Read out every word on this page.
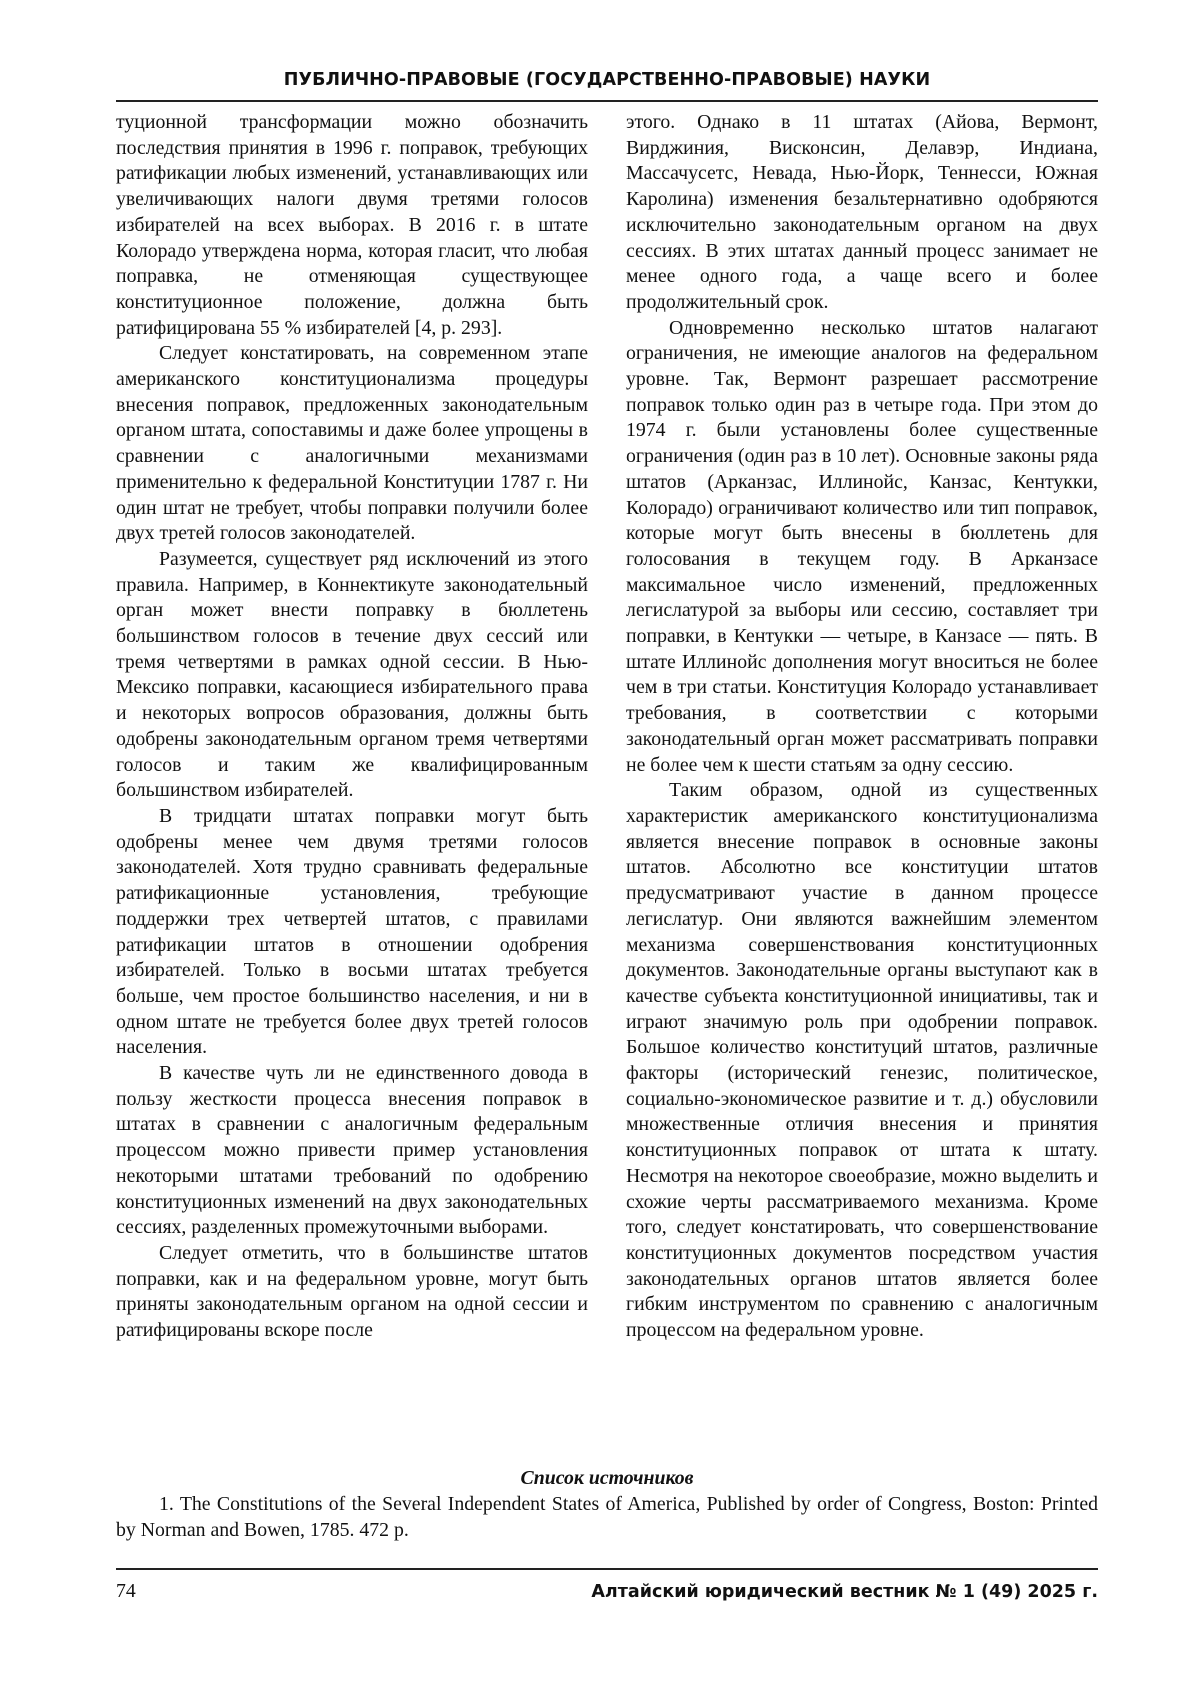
ПУБЛИЧНО-ПРАВОВЫЕ (ГОСУДАРСТВЕННО-ПРАВОВЫЕ) НАУКИ

туционной трансформации можно обозначить последствия принятия в 1996 г. поправок, требующих ратификации любых изменений, устанавливающих или увеличивающих налоги двумя третями голосов избирателей на всех выборах. В 2016 г. в штате Колорадо утверждена норма, которая гласит, что любая поправка, не отменяющая существующее конституционное положение, должна быть ратифицирована 55 % избирателей [4, p. 293].

Следует констатировать, на современном этапе американского конституционализма процедуры внесения поправок, предложенных законодательным органом штата, сопоставимы и даже более упрощены в сравнении с аналогичными механизмами применительно к федеральной Конституции 1787 г. Ни один штат не требует, чтобы поправки получили более двух третей голосов законодателей.

Разумеется, существует ряд исключений из этого правила. Например, в Коннектикуте законодательный орган может внести поправку в бюллетень большинством голосов в течение двух сессий или тремя четвертями в рамках одной сессии. В Нью-Мексико поправки, касающиеся избирательного права и некоторых вопросов образования, должны быть одобрены законодательным органом тремя четвертями голосов и таким же квалифицированным большинством избирателей.

В тридцати штатах поправки могут быть одобрены менее чем двумя третями голосов законодателей. Хотя трудно сравнивать федеральные ратификационные установления, требующие поддержки трех четвертей штатов, с правилами ратификации штатов в отношении одобрения избирателей. Только в восьми штатах требуется больше, чем простое большинство населения, и ни в одном штате не требуется более двух третей голосов населения.

В качестве чуть ли не единственного довода в пользу жесткости процесса внесения поправок в штатах в сравнении с аналогичным федеральным процессом можно привести пример установления некоторыми штатами требований по одобрению конституционных изменений на двух законодательных сессиях, разделенных промежуточными выборами.

Следует отметить, что в большинстве штатов поправки, как и на федеральном уровне, могут быть приняты законодательным органом на одной сессии и ратифицированы вскоре после

этого. Однако в 11 штатах (Айова, Вермонт, Вирджиния, Висконсин, Делавэр, Индиана, Массачусетс, Невада, Нью-Йорк, Теннесси, Южная Каролина) изменения безальтернативно одобряются исключительно законодательным органом на двух сессиях. В этих штатах данный процесс занимает не менее одного года, а чаще всего и более продолжительный срок.

Одновременно несколько штатов налагают ограничения, не имеющие аналогов на федеральном уровне. Так, Вермонт разрешает рассмотрение поправок только один раз в четыре года. При этом до 1974 г. были установлены более существенные ограничения (один раз в 10 лет). Основные законы ряда штатов (Арканзас, Иллинойс, Канзас, Кентукки, Колорадо) ограничивают количество или тип поправок, которые могут быть внесены в бюллетень для голосования в текущем году. В Арканзасе максимальное число изменений, предложенных легислатурой за выборы или сессию, составляет три поправки, в Кентукки — четыре, в Канзасе — пять. В штате Иллинойс дополнения могут вноситься не более чем в три статьи. Конституция Колорадо устанавливает требования, в соответствии с которыми законодательный орган может рассматривать поправки не более чем к шести статьям за одну сессию.

Таким образом, одной из существенных характеристик американского конституционализма является внесение поправок в основные законы штатов. Абсолютно все конституции штатов предусматривают участие в данном процессе легислатур. Они являются важнейшим элементом механизма совершенствования конституционных документов. Законодательные органы выступают как в качестве субъекта конституционной инициативы, так и играют значимую роль при одобрении поправок. Большое количество конституций штатов, различные факторы (исторический генезис, политическое, социально-экономическое развитие и т. д.) обусловили множественные отличия внесения и принятия конституционных поправок от штата к штату. Несмотря на некоторое своеобразие, можно выделить и схожие черты рассматриваемого механизма. Кроме того, следует констатировать, что совершенствование конституционных документов посредством участия законодательных органов штатов является более гибким инструментом по сравнению с аналогичным процессом на федеральном уровне.

Список источников

1. The Constitutions of the Several Independent States of America, Published by order of Congress, Boston: Printed by Norman and Bowen, 1785. 472 p.

74	Алтайский юридический вестник № 1 (49) 2025 г.
